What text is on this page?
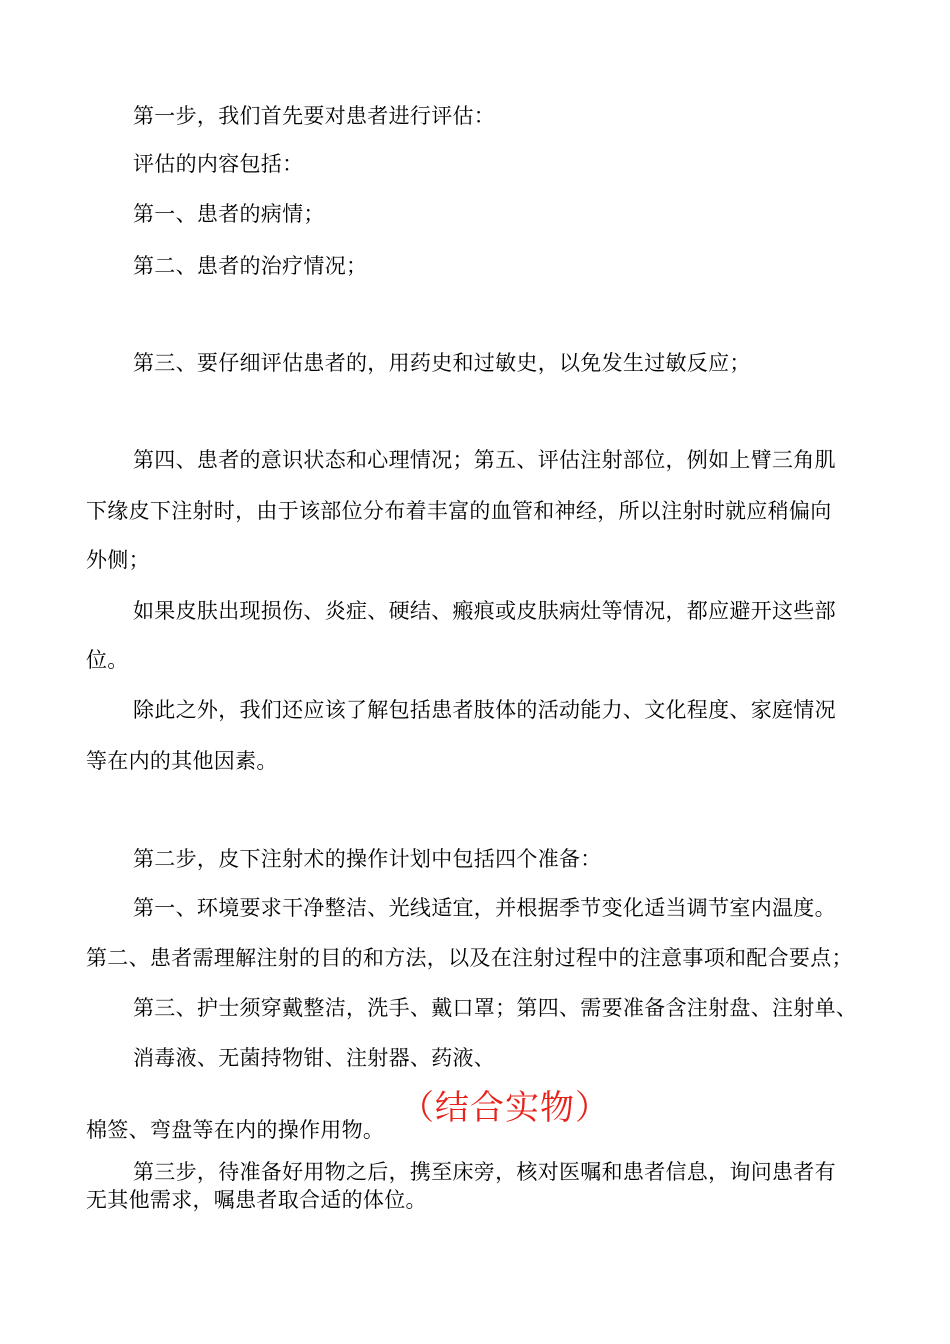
第一步，我们首先要对患者进行评估：
评估的内容包括：
第一、患者的病情；
第二、患者的治疗情况；
第三、要仔细评估患者的，用药史和过敏史，以免发生过敏反应；
第四、患者的意识状态和心理情况；第五、评估注射部位，例如上臂三角肌
下缘皮下注射时，由于该部位分布着丰富的血管和神经，所以注射时就应稍偏向
外侧；
如果皮肤出现损伤、炎症、硬结、瘢痕或皮肤病灶等情况，都应避开这些部
位。
除此之外，我们还应该了解包括患者肢体的活动能力、文化程度、家庭情况
等在内的其他因素。
第二步，皮下注射术的操作计划中包括四个准备：
第一、环境要求干净整洁、光线适宜，并根据季节变化适当调节室内温度。
第二、患者需理解注射的目的和方法，以及在注射过程中的注意事项和配合要点；
第三、护士须穿戴整洁，洗手、戴口罩；第四、需要准备含注射盘、注射单、
消毒液、无菌持物钳、注射器、药液、
（结合实物）
棉签、弯盘等在内的操作用物。
第三步，待准备好用物之后，携至床旁，核对医嘱和患者信息，询问患者有
无其他需求，嘱患者取合适的体位。
